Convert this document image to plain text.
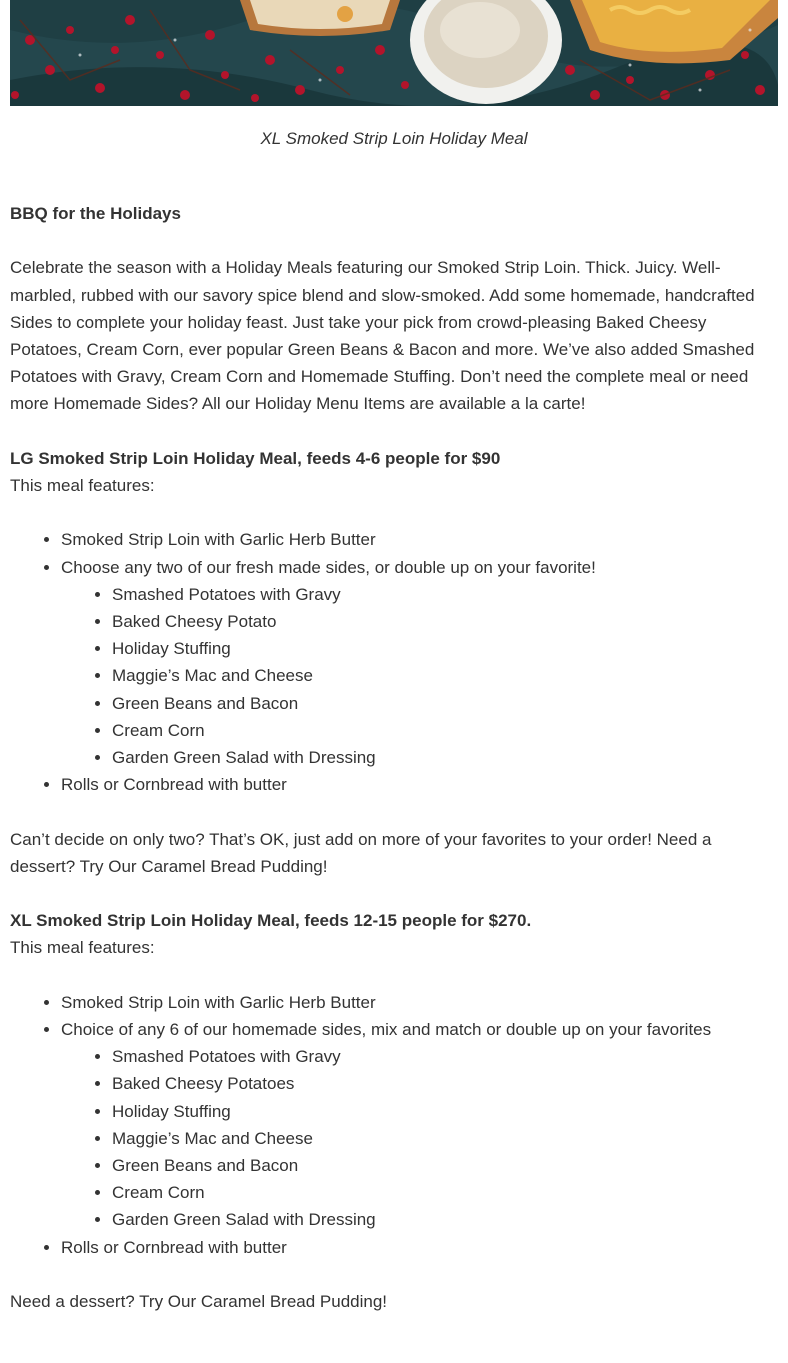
XL Smoked Strip Loin Holiday Meal

BBQ for the Holidays

Celebrate the season with a Holiday Meals featuring our Smoked Strip Loin. Thick. Juicy. Well-marbled, rubbed with our savory spice blend and slow-smoked. Add some homemade, handcrafted Sides to complete your holiday feast. Just take your pick from crowd-pleasing Baked Cheesy Potatoes, Cream Corn, ever popular Green Beans & Bacon and more. We’ve also added Smashed Potatoes with Gravy, Cream Corn and Homemade Stuffing. Don’t need the complete meal or need more Homemade Sides? All our Holiday Menu Items are available a la carte!

LG Smoked Strip Loin Holiday Meal, feeds 4-6 people for $90

This meal features:

• Smoked Strip Loin with Garlic Herb Butter
• Choose any two of our fresh made sides, or double up on your favorite!
• Smashed Potatoes with Gravy
• Baked Cheesy Potato
• Holiday Stuffing
• Maggie’s Mac and Cheese
• Green Beans and Bacon
• Cream Corn
• Garden Green Salad with Dressing
• Rolls or Cornbread with butter

Can’t decide on only two? That’s OK, just add on more of your favorites to your order! Need a dessert? Try Our Caramel Bread Pudding!

XL Smoked Strip Loin Holiday Meal, feeds 12-15 people for $270.

This meal features:

• Smoked Strip Loin with Garlic Herb Butter
• Choice of any 6 of our homemade sides, mix and match or double up on your favorites
• Smashed Potatoes with Gravy
• Baked Cheesy Potatoes
• Holiday Stuffing
• Maggie’s Mac and Cheese
• Green Beans and Bacon
• Cream Corn
• Garden Green Salad with Dressing
• Rolls or Cornbread with butter

Need a dessert? Try Our Caramel Bread Pudding!
